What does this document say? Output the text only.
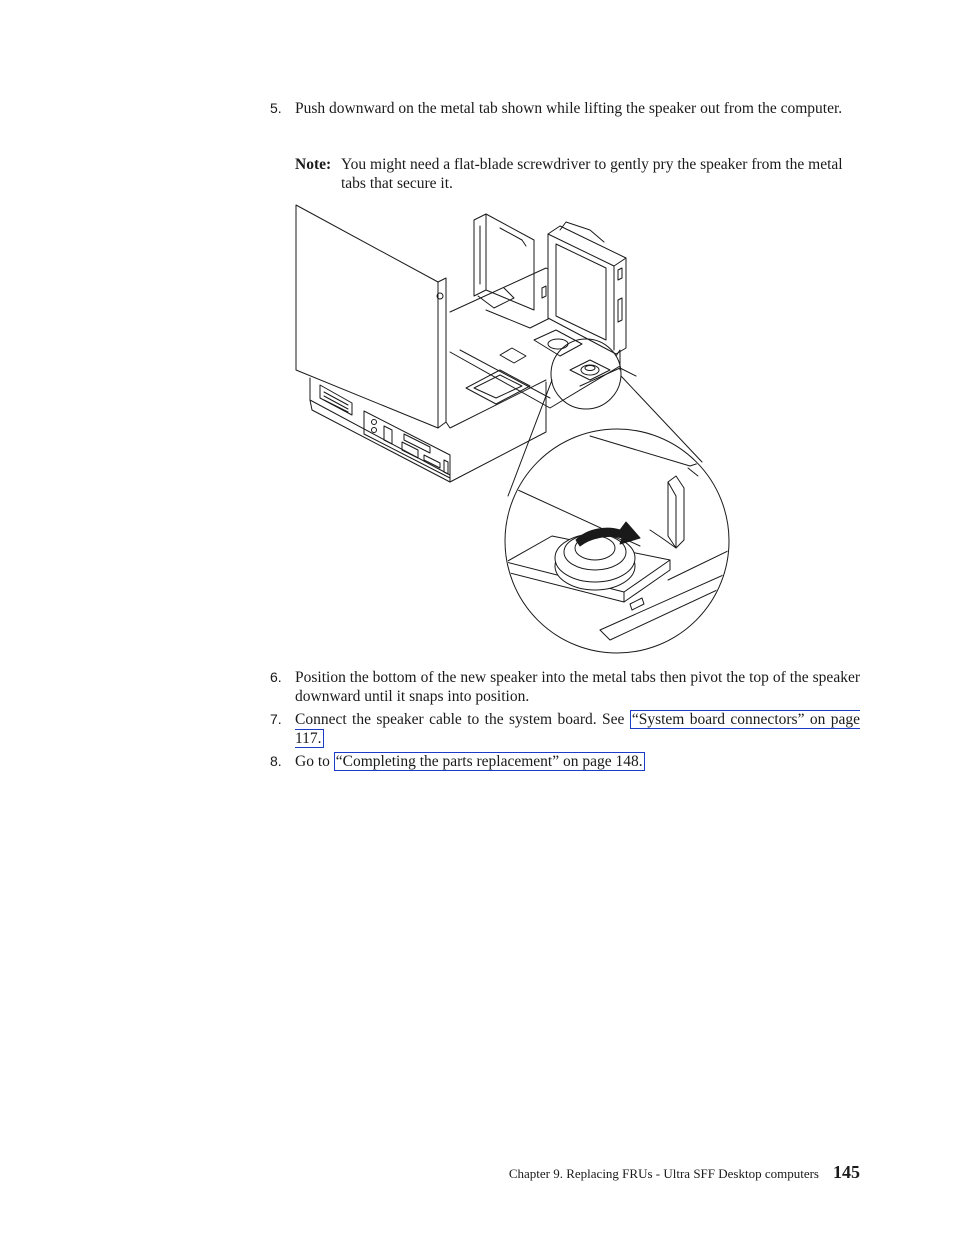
5. Push downward on the metal tab shown while lifting the speaker out from the computer.
Note: You might need a flat-blade screwdriver to gently pry the speaker from the metal tabs that secure it.
6. Position the bottom of the new speaker into the metal tabs then pivot the top of the speaker downward until it snaps into position.
7. Connect the speaker cable to the system board. See “System board connectors” on page 117.
8. Go to “Completing the parts replacement” on page 148.
Chapter 9. Replacing FRUs - Ultra SFF Desktop computers 145
